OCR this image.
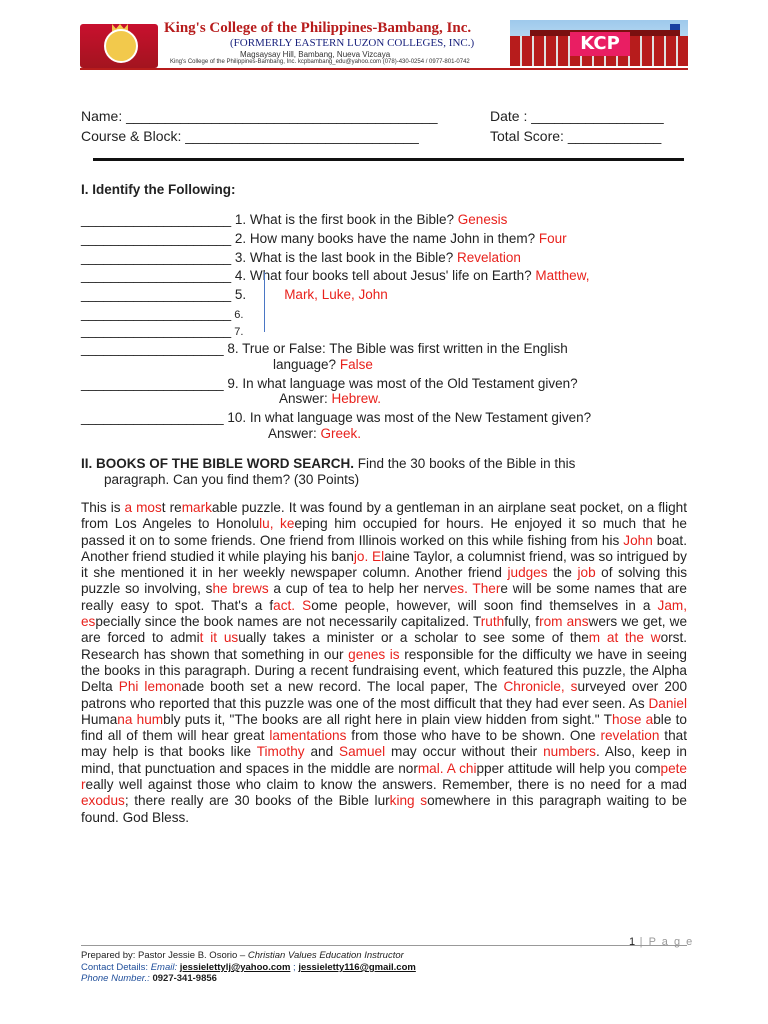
King's College of the Philippines-Bambang, Inc.
(FORMERLY EASTERN LUZON COLLEGES, INC.)
Magsaysay Hill, Bambang, Nueva Vizcaya
King's College of the Philippines-Bambang, Inc. kcpbambang_edu@yahoo.com (078)-430-0254 / 0977-801-0742
KCP
Name: ________________________________________	Date : _________________
Course & Block: ______________________________	Total Score: ____________
I. Identify the Following:
____________________ 1. What is the first book in the Bible? Genesis
____________________ 2. How many books have the name John in them? Four
____________________ 3. What is the last book in the Bible? Revelation
____________________ 4. What four books tell about Jesus' life on Earth? Matthew,
____________________ 5.	Mark, Luke, John
____________________ 6.
____________________ 7.
___________________ 8. True or False: The Bible was first written in the English
language? False
___________________ 9. In what language was most of the Old Testament given?
Answer: Hebrew.
___________________ 10. In what language was most of the New Testament given?
Answer: Greek.
II. BOOKS OF THE BIBLE WORD SEARCH. Find the 30 books of the Bible in this
paragraph. Can you find them? (30 Points)
This is a most remarkable puzzle. It was found by a gentleman in an airplane seat pocket, on a flight from Los Angeles to Honolulu, keeping him occupied for hours. He enjoyed it so much that he passed it on to some friends. One friend from Illinois worked on this while fishing from his John boat. Another friend studied it while playing his banjo. Elaine Taylor, a columnist friend, was so intrigued by it she mentioned it in her weekly newspaper column. Another friend judges the job of solving this puzzle so involving, she brews a cup of tea to help her nerves. There will be some names that are really easy to spot. That's a fact. Some people, however, will soon find themselves in a Jam, especially since the book names are not necessarily capitalized. Truthfully, from answers we get, we are forced to admit it usually takes a minister or a scholar to see some of them at the worst. Research has shown that something in our genes is responsible for the difficulty we have in seeing the books in this paragraph. During a recent fundraising event, which featured this puzzle, the Alpha Delta Phi lemonade booth set a new record. The local paper, The Chronicle, surveyed over 200 patrons who reported that this puzzle was one of the most difficult that they had ever seen. As Daniel Humana humbly puts it, "The books are all right here in plain view hidden from sight." Those able to find all of them will hear great lamentations from those who have to be shown. One revelation that may help is that books like Timothy and Samuel may occur without their numbers. Also, keep in mind, that punctuation and spaces in the middle are normal. A chipper attitude will help you compete really well against those who claim to know the answers. Remember, there is no need for a mad exodus; there really are 30 books of the Bible lurking somewhere in this paragraph waiting to be found. God Bless.
1 | P a g e
Prepared by: Pastor Jessie B. Osorio – Christian Values Education Instructor
Contact Details: Email: jessielettylj@yahoo.com ; jessieletty116@gmail.com
Phone Number.: 0927-341-9856
